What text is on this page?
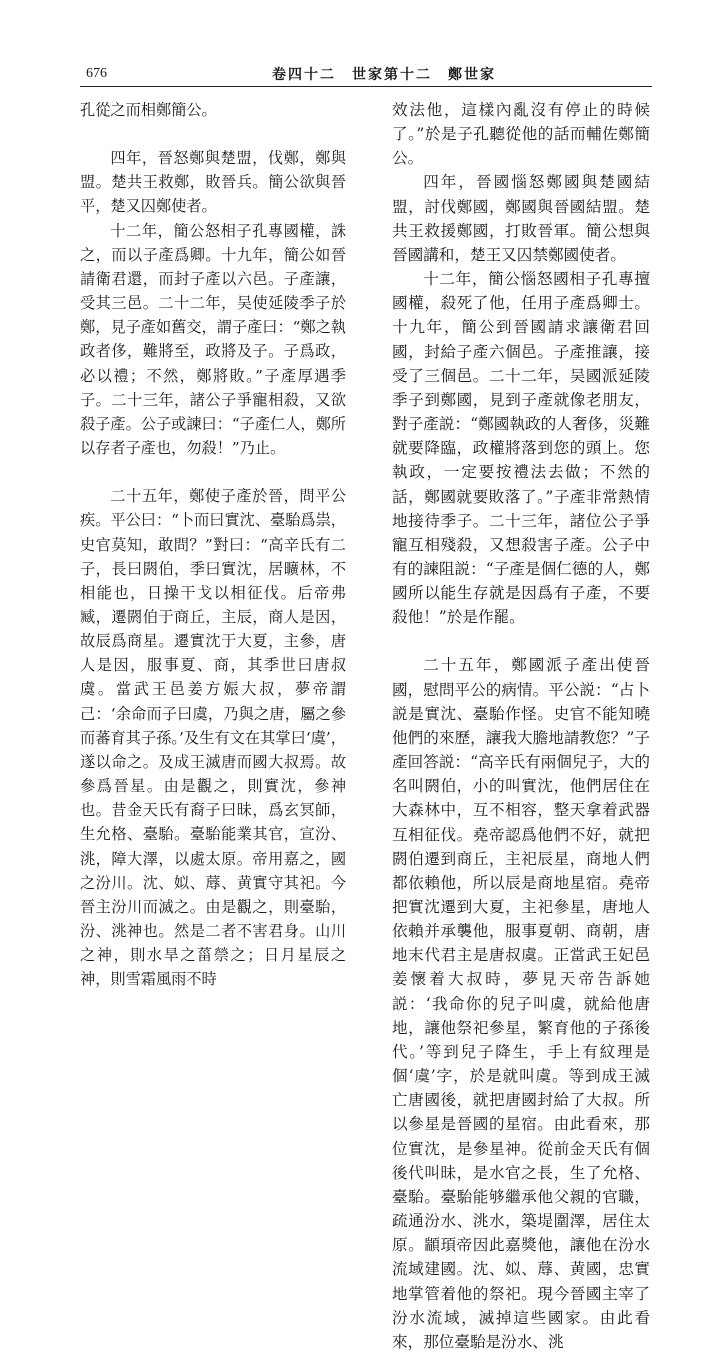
676	卷四十二　世家第十二　鄭世家

孔從之而相鄭簡公。

四年，晉怒鄭與楚盟，伐鄭，鄭與盟。楚共王救鄭，敗晉兵。簡公欲與晉平，楚又囚鄭使者。

十二年，簡公怒相子孔專國權，誅之，而以子產爲卿。十九年，簡公如晉請衛君還，而封子產以六邑。子產讓，受其三邑。二十二年，吴使延陵季子於鄭，見子產如舊交，謂子產曰：“鄭之執政者侈，難將至，政將及子。子爲政，必以禮；不然，鄭將敗。”子產厚遇季子。二十三年，諸公子爭寵相殺，又欲殺子產。公子或諫曰：“子產仁人，鄭所以存者子產也，勿殺！”乃止。

二十五年，鄭使子產於晉，問平公疾。平公曰：“卜而曰實沈、臺駘爲祟，史官莫知，敢問？”對曰：“高辛氏有二子，長曰閼伯，季曰實沈，居曠林，不相能也，日操干戈以相征伐。后帝弗臧，遷閼伯于商丘，主辰，商人是因，故辰爲商星。遷實沈于大夏，主參，唐人是因，服事夏、商，其季世曰唐叔虞。當武王邑姜方娠大叔，夢帝謂己：‘余命而子曰虞，乃與之唐，屬之參而蕃育其子孫。’及生有文在其掌曰‘虞’，遂以命之。及成王滅唐而國大叔焉。故參爲晉星。由是觀之，則實沈，參神也。昔金天氏有裔子曰昧，爲玄冥師，生允格、臺駘。臺駘能業其官，宣汾、洮，障大澤，以處太原。帝用嘉之，國之汾川。沈、姒、蓐、黄實守其祀。今晉主汾川而滅之。由是觀之，則臺駘，汾、洮神也。然是二者不害君身。山川之神，則水旱之菑禜之；日月星辰之神，則雪霜風雨不時

效法他，這樣內亂沒有停止的時候了。”於是子孔聽從他的話而輔佐鄭簡公。

四年，晉國惱怒鄭國與楚國結盟，討伐鄭國，鄭國與晉國結盟。楚共王救援鄭國，打敗晉軍。簡公想與晉國講和，楚王又囚禁鄭國使者。

十二年，簡公惱怒國相子孔專擅國權，殺死了他，任用子產爲卿士。十九年，簡公到晉國請求讓衛君回國，封給子產六個邑。子產推讓，接受了三個邑。二十二年，吴國派延陵季子到鄭國，見到子產就像老朋友，對子產説：“鄭國執政的人奢侈，災難就要降臨，政權將落到您的頭上。您執政，一定要按禮法去做；不然的話，鄭國就要敗落了。”子產非常熱情地接待季子。二十三年，諸位公子爭寵互相殘殺，又想殺害子產。公子中有的諫阻説：“子產是個仁德的人，鄭國所以能生存就是因爲有子產，不要殺他！”於是作罷。

二十五年，鄭國派子產出使晉國，慰問平公的病情。平公説：“占卜説是實沈、臺駘作怪。史官不能知曉他們的來歷，讓我大膽地請教您？”子產回答説：“高辛氏有兩個兒子，大的名叫閼伯，小的叫實沈，他們居住在大森林中，互不相容，整天拿着武器互相征伐。堯帝認爲他們不好，就把閼伯遷到商丘，主祀辰星，商地人們都依賴他，所以辰是商地星宿。堯帝把實沈遷到大夏，主祀參星，唐地人依賴并承襲他，服事夏朝、商朝，唐地末代君主是唐叔虞。正當武王妃邑姜懷着大叔時，夢見天帝告訴她説：‘我命你的兒子叫虞，就給他唐地，讓他祭祀參星，繁育他的子孫後代。’等到兒子降生，手上有紋理是個‘虞’字，於是就叫虞。等到成王滅亡唐國後，就把唐國封給了大叔。所以參星是晉國的星宿。由此看來，那位實沈，是參星神。從前金天氏有個後代叫昧，是水官之長，生了允格、臺駘。臺駘能够繼承他父親的官職，疏通汾水、洮水，築堤圍澤，居住太原。顓頊帝因此嘉獎他，讓他在汾水流域建國。沈、姒、蓐、黄國，忠實地掌管着他的祭祀。現今晉國主宰了汾水流域，滅掉這些國家。由此看來，那位臺駘是汾水、洮
